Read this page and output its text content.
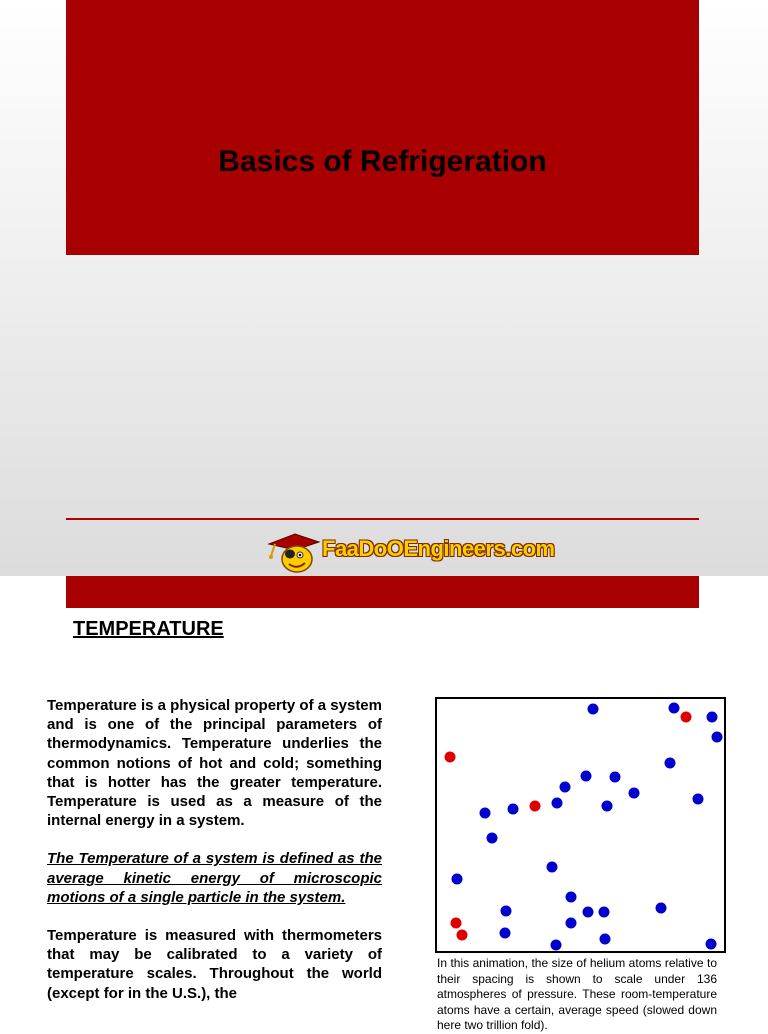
Basics of Refrigeration
FaaDoOEngineers.com
TEMPERATURE

Temperature is a physical property of a system and is one of the principal parameters of thermodynamics. Temperature underlies the common notions of hot and cold; something that is hotter has the greater temperature. Temperature is used as a measure of the internal energy in a system.

The Temperature of a system is defined as the average kinetic energy of microscopic motions of a single particle in the system.

Temperature is measured with thermometers that may be calibrated to a variety of temperature scales. Throughout the world (except for in the U.S.), the

In this animation, the size of helium atoms relative to their spacing is shown to scale under 136 atmospheres of pressure. These room-temperature atoms have a certain, average speed (slowed down here two trillion fold).
